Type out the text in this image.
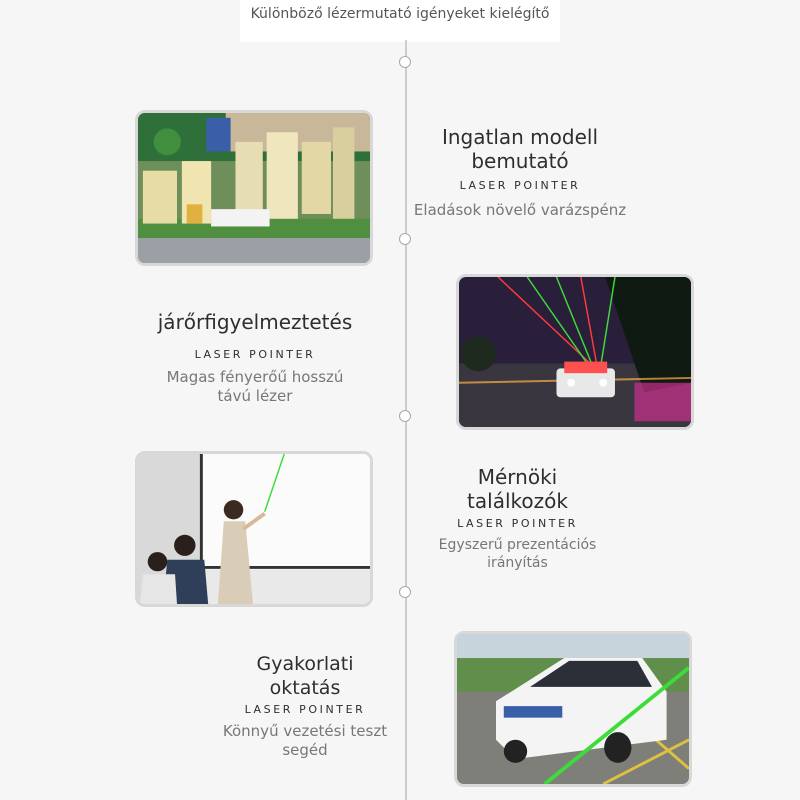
Különböző lézermutató igényeket kielégítő
Ingatlan modell bemutató
LASER POINTER
Eladások növelő varázspénz
járőrfigyelmeztetés
LASER POINTER
Magas fényerőű hosszú távú lézer
Mérnöki találkozók
LASER POINTER
Egyszerű prezentációs irányítás
Gyakorlati oktatás
LASER POINTER
Könnyű vezetési teszt segéd
